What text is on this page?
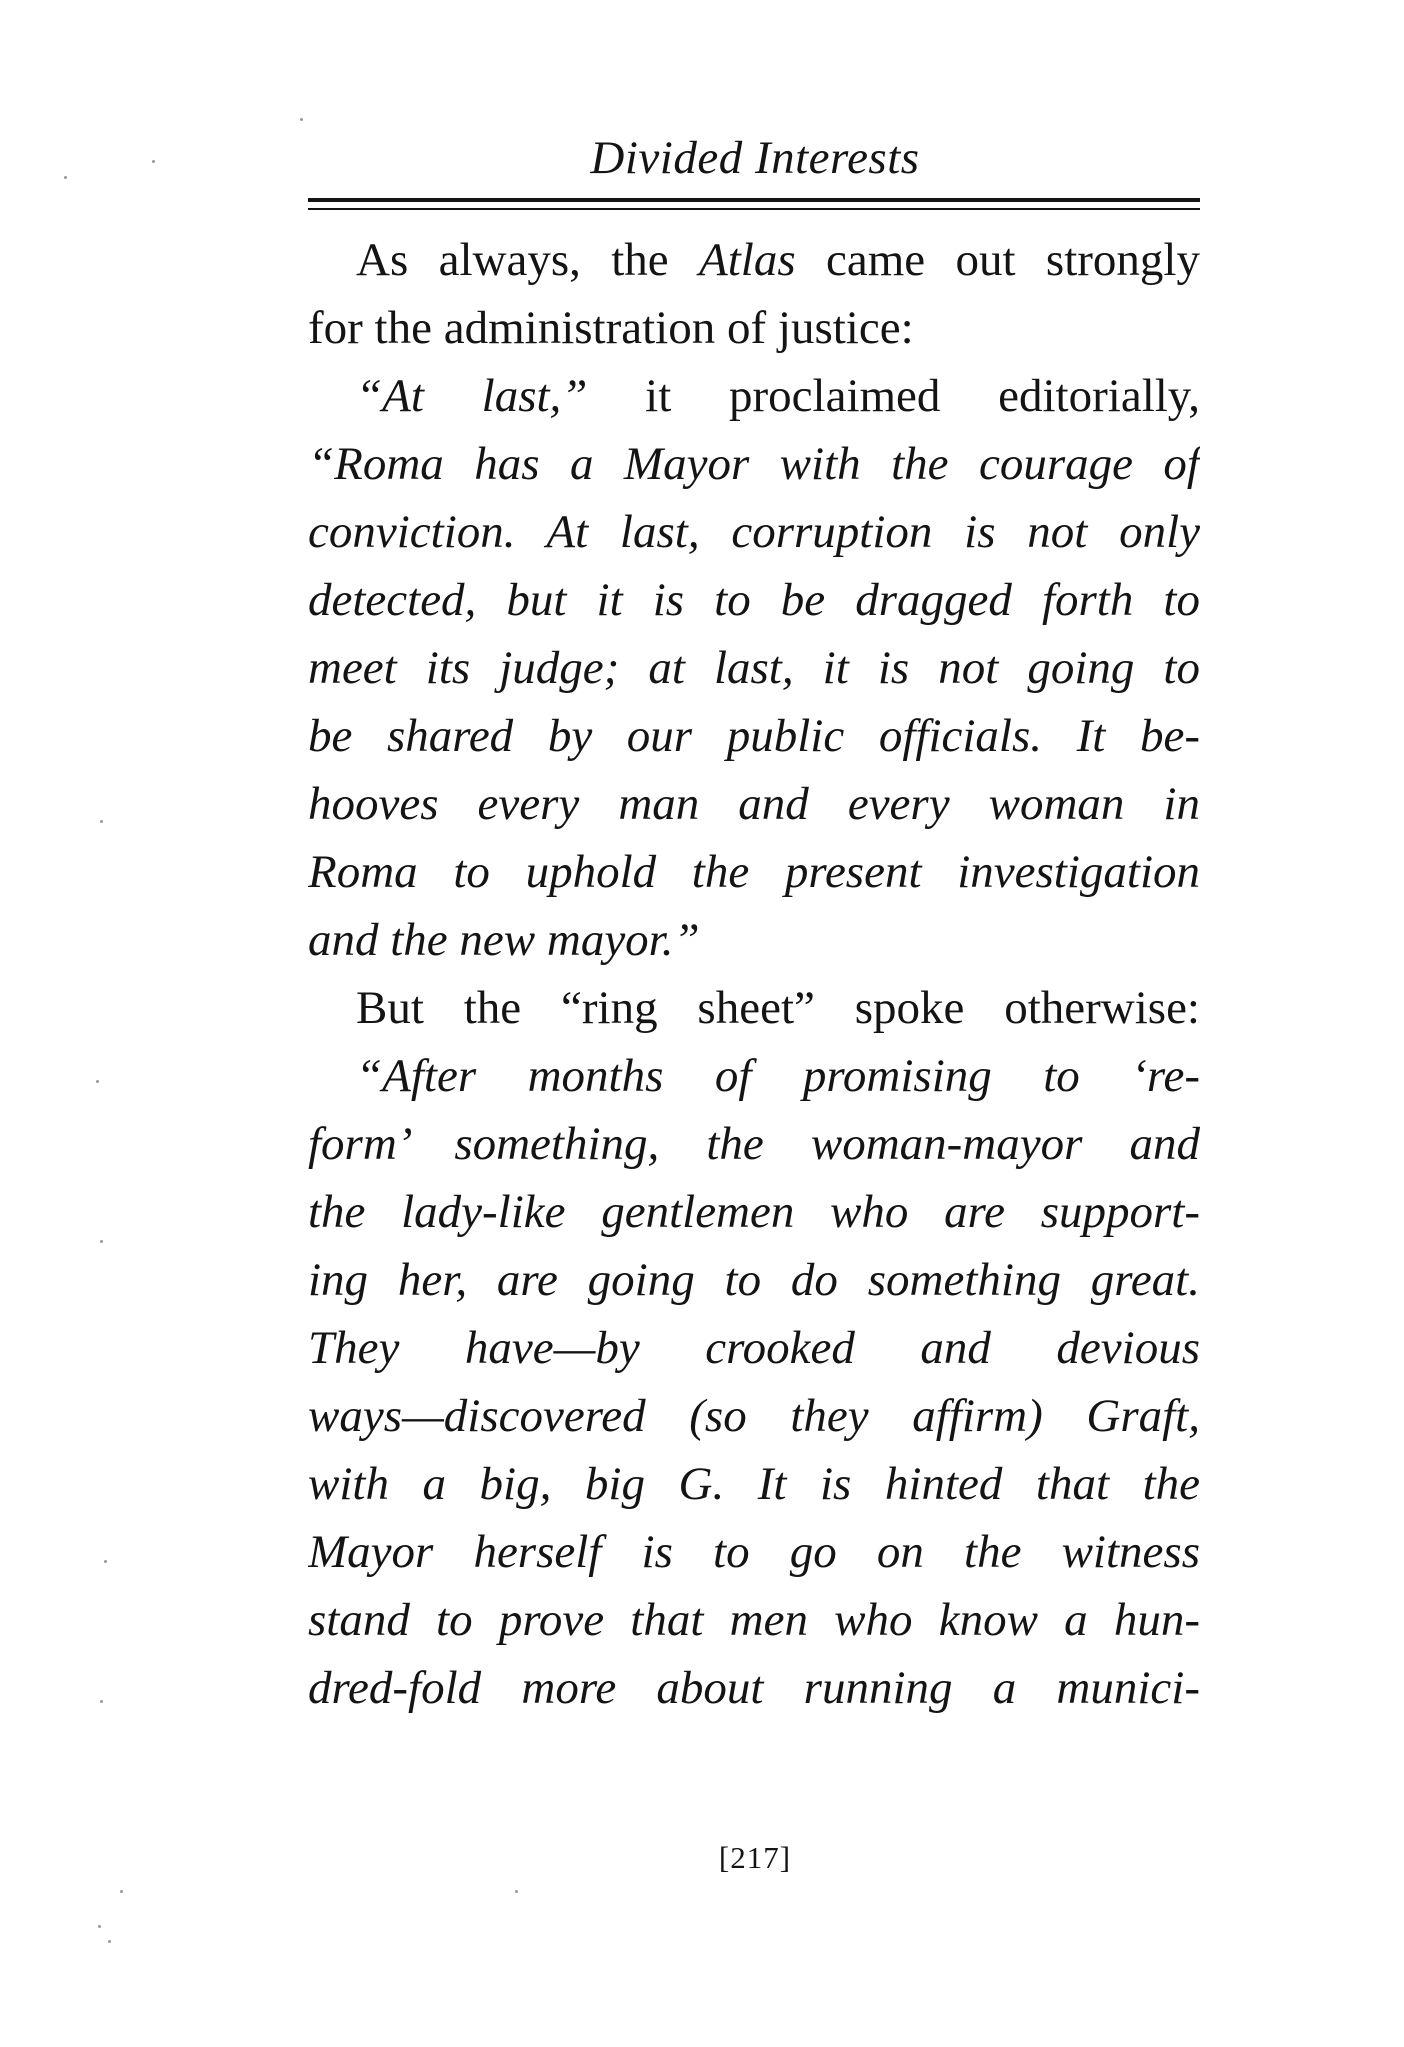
Divided Interests
As always, the Atlas came out strongly
for the administration of justice:
“At last,” it proclaimed editorially,
“Roma has a Mayor with the courage of
conviction. At last, corruption is not only
detected, but it is to be dragged forth to
meet its judge; at last, it is not going to
be shared by our public officials. It be-
hooves every man and every woman in
Roma to uphold the present investigation
and the new mayor.”
But the “ring sheet” spoke otherwise:
“After months of promising to ‘re-
form’ something, the woman-mayor and
the lady-like gentlemen who are support-
ing her, are going to do something great.
They have—by crooked and devious
ways—discovered (so they affirm) Graft,
with a big, big G. It is hinted that the
Mayor herself is to go on the witness
stand to prove that men who know a hun-
dred-fold more about running a munici-
[217]
